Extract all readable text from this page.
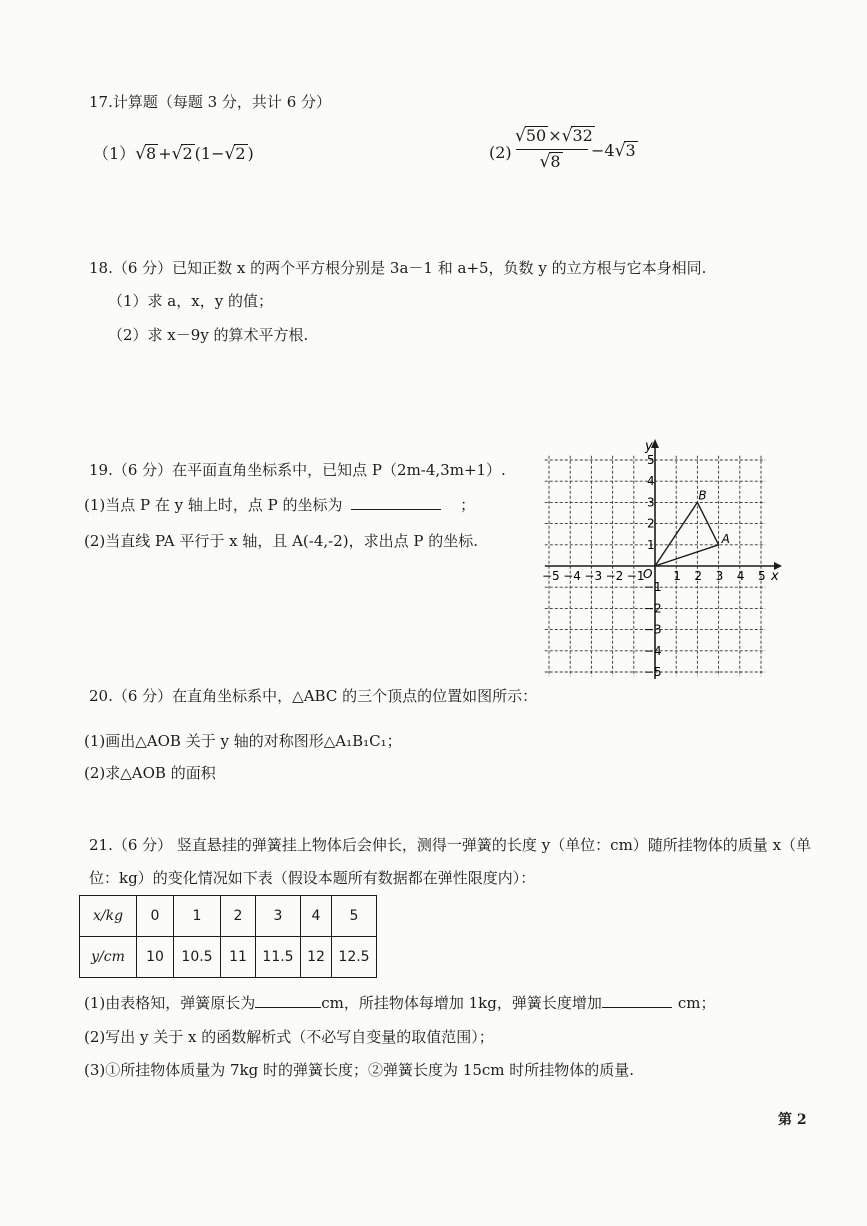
17.计算题（每题 3 分，共计 6 分）
（1）√8 +√2 (1−√2 )	(2)
√50 ×√32
√8
−4√3
18.（6 分）已知正数 x 的两个平方根分别是 3a－1 和 a+5，负数 y 的立方根与它本身相同.
（1）求 a，x，y 的值；
（2）求 x－9y 的算术平方根.
19.（6 分）在平面直角坐标系中，已知点 P（2m-4,3m+1）.
(1)当点 P 在 y 轴上时，点 P 的坐标为	；
(2)当直线 PA 平行于 x 轴，且 A(-4,-2)，求出点 P 的坐标.
x
y
O
−5 −4 −3 −2 −1 1 2 3 4 5
5
4
3
2
1
−1
−2
−3
−4
−5
A
B
20.（6 分）在直角坐标系中，△ABC 的三个顶点的位置如图所示：
(1)画出△AOB 关于 y 轴的对称图形△A₁B₁C₁；
(2)求△AOB 的面积
21.（6 分） 竖直悬挂的弹簧挂上物体后会伸长，测得一弹簧的长度 y（单位：cm）随所挂物体的质量 x（单
位：kg）的变化情况如下表（假设本题所有数据都在弹性限度内）：
x/kg	0	1	2	3	4	5
y/cm	10	10.5	11	11.5	12	12.5
(1)由表格知，弹簧原长为	cm，所挂物体每增加 1kg，弹簧长度增加	cm；
(2)写出 y 关于 x 的函数解析式（不必写自变量的取值范围）；
(3)①所挂物体质量为 7kg 时的弹簧长度；②弹簧长度为 15cm 时所挂物体的质量.
第 2
